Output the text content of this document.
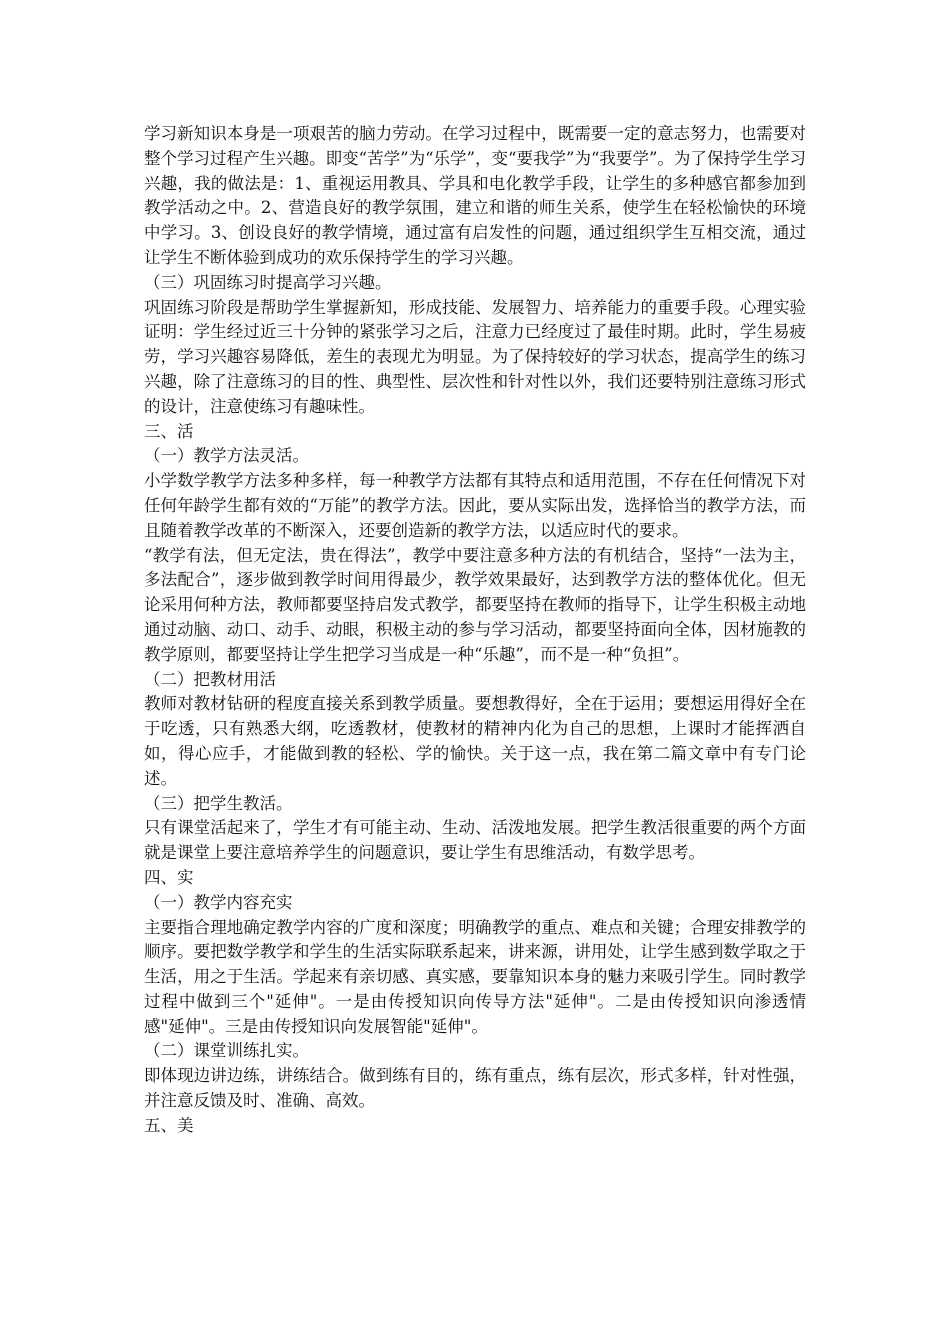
学习新知识本身是一项艰苦的脑力劳动。在学习过程中，既需要一定的意志努力，也需要对整个学习过程产生兴趣。即变“苦学”为“乐学”，变“要我学”为“我要学”。为了保持学生学习兴趣，我的做法是：1、重视运用教具、学具和电化教学手段，让学生的多种感官都参加到教学活动之中。2、营造良好的教学氛围，建立和谐的师生关系，使学生在轻松愉快的环境中学习。3、创设良好的教学情境，通过富有启发性的问题，通过组织学生互相交流，通过让学生不断体验到成功的欢乐保持学生的学习兴趣。

（三）巩固练习时提高学习兴趣。

巩固练习阶段是帮助学生掌握新知，形成技能、发展智力、培养能力的重要手段。心理实验证明：学生经过近三十分钟的紧张学习之后，注意力已经度过了最佳时期。此时，学生易疲劳，学习兴趣容易降低，差生的表现尤为明显。为了保持较好的学习状态，提高学生的练习兴趣，除了注意练习的目的性、典型性、层次性和针对性以外，我们还要特别注意练习形式的设计，注意使练习有趣味性。

三、活

（一）教学方法灵活。

小学数学教学方法多种多样，每一种教学方法都有其特点和适用范围，不存在任何情况下对任何年龄学生都有效的“万能”的教学方法。因此，要从实际出发，选择恰当的教学方法，而且随着教学改革的不断深入，还要创造新的教学方法，以适应时代的要求。

“教学有法，但无定法，贵在得法”，教学中要注意多种方法的有机结合，坚持“一法为主，多法配合”，逐步做到教学时间用得最少，教学效果最好，达到教学方法的整体优化。但无论采用何种方法，教师都要坚持启发式教学，都要坚持在教师的指导下，让学生积极主动地通过动脑、动口、动手、动眼，积极主动的参与学习活动，都要坚持面向全体，因材施教的教学原则，都要坚持让学生把学习当成是一种“乐趣”，而不是一种“负担”。

（二）把教材用活

教师对教材钻研的程度直接关系到教学质量。要想教得好，全在于运用；要想运用得好全在于吃透，只有熟悉大纲，吃透教材，使教材的精神内化为自己的思想，上课时才能挥洒自如，得心应手，才能做到教的轻松、学的愉快。关于这一点，我在第二篇文章中有专门论述。

（三）把学生教活。

只有课堂活起来了，学生才有可能主动、生动、活泼地发展。把学生教活很重要的两个方面就是课堂上要注意培养学生的问题意识，要让学生有思维活动，有数学思考。

四、实

（一）教学内容充实

主要指合理地确定教学内容的广度和深度；明确教学的重点、难点和关键；合理安排教学的顺序。要把数学教学和学生的生活实际联系起来，讲来源，讲用处，让学生感到数学取之于生活，用之于生活。学起来有亲切感、真实感，要靠知识本身的魅力来吸引学生。同时教学过程中做到三个"延伸"。一是由传授知识向传导方法"延伸"。二是由传授知识向渗透情感"延伸"。三是由传授知识向发展智能"延伸"。

（二）课堂训练扎实。

即体现边讲边练，讲练结合。做到练有目的，练有重点，练有层次，形式多样，针对性强，并注意反馈及时、准确、高效。

五、美
